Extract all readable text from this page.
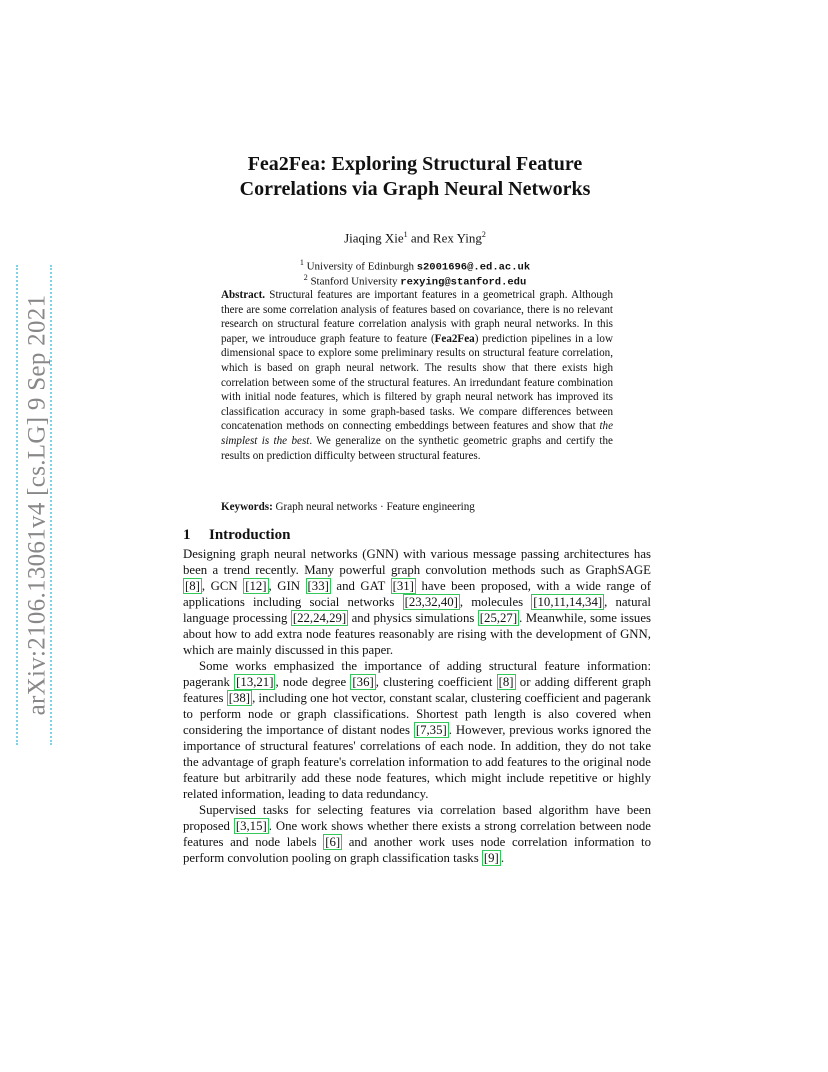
arXiv:2106.13061v4 [cs.LG] 9 Sep 2021
Fea2Fea: Exploring Structural Feature
Correlations via Graph Neural Networks
Jiaqing Xie$^1$ and Rex Ying$^2$
$^1$ University of Edinburgh s2001696@.ed.ac.uk
$^2$ Stanford University rexying@stanford.edu

Abstract. Structural features are important features in a geometrical graph. Although there are some correlation analysis of features based on covariance, there is no relevant research on structural feature correlation analysis with graph neural networks. In this paper, we introuduce graph feature to feature (Fea2Fea) prediction pipelines in a low dimensional space to explore some preliminary results on structural feature correlation, which is based on graph neural network. The results show that there exists high correlation between some of the structural features. An irredundant feature combination with initial node features, which is filtered by graph neural network has improved its classification accuracy in some graph-based tasks. We compare differences between concatenation methods on connecting embeddings between features and show that the simplest is the best. We generalize on the synthetic geometric graphs and certify the results on prediction difficulty between structural features.

Keywords: Graph neural networks · Feature engineering
1 Introduction

Designing graph neural networks (GNN) with various message passing architectures has been a trend recently. Many powerful graph convolution methods such as GraphSAGE [8] , GCN [12] , GIN [33] and GAT [31] have been proposed, with a wide range of applications including social networks [23,32,40] , molecules [10,11,14,34] , natural language processing [22,24,29] and physics simulations [25,27] . Meanwhile, some issues about how to add extra node features reasonably are rising with the development of GNN, which are mainly discussed in this paper.

Some works emphasized the importance of adding structural feature information: pagerank [13,21] , node degree [36] , clustering coefficient [8] or adding different graph features [38] , including one hot vector, constant scalar, clustering coefficient and pagerank to perform node or graph classifications. Shortest path length is also covered when considering the importance of distant nodes [7,35] . However, previous works ignored the importance of structural features' correlations of each node. In addition, they do not take the advantage of graph feature's correlation information to add features to the original node feature but arbitrarily add these node features, which might include repetitive or highly related information, leading to data redundancy.

Supervised tasks for selecting features via correlation based algorithm have been proposed [3,15] . One work shows whether there exists a strong correlation between node features and node labels [6] and another work uses node correlation information to perform convolution pooling on graph classification tasks [9] .
